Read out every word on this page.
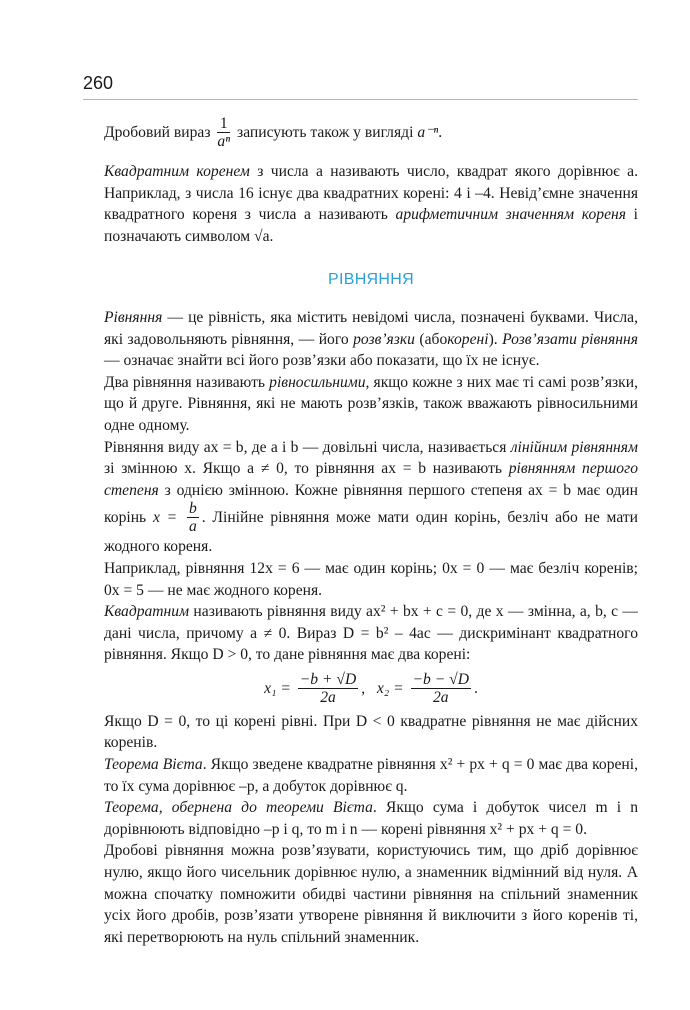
260

Дробовий вираз $\frac{1}{\text{aⁿ}}$ записують також у вигляді a⁻ⁿ.

Квадратним коренем з числа a називають число, квадрат якого дорівнює a. Наприклад, з числа 16 існує два квадратних корені: 4 і –4. Невід’ємне значення квадратного кореня з числа a називають арифметичним значенням кореня і позначають символом √a.

РІВНЯННЯ

Рівняння — це рівність, яка містить невідомі числа, позначені буквами. Числа, які задовольняють рівняння, — його розв’язки (абокорені). Розв’язати рівняння — означає знайти всі його розв’язки або показати, що їх не існує.

Два рівняння називають рівносильними, якщо кожне з них має ті самі розв’язки, що й друге. Рівняння, які не мають розв’язків, також вважають рівносильними одне одному.

Рівняння виду ax = b, де a і b — довільні числа, називається лінійним рівнянням зі змінною x. Якщо a ≠ 0, то рівняння ax = b називають рівнянням першого степеня з однією змінною. Кожне рівняння першого степеня ax = b має один корінь $x = \frac{b}{a}$ . Лінійне рівняння може мати один корінь, безліч або не мати жодного кореня.

Наприклад, рівняння 12x = 6 — має один корінь; 0x = 0 — має безліч коренів; 0x = 5 — не має жодного кореня.

Квадратним називають рівняння виду ax² + bx + c = 0, де x — змінна, a, b, c — дані числа, причому a ≠ 0. Вираз D = b² – 4ac — дискримінант квадратного рівняння. Якщо D > 0, то дане рівняння має два корені:

$x_1 = \frac{-b + √D}{2a}$ , $x_2 = \frac{-b - √D}{2a}$ .

Якщо D = 0, то ці корені рівні. При D < 0 квадратне рівняння не має дійсних коренів.

Теорема Вієта. Якщо зведене квадратне рівняння x² + px + q = 0 має два корені, то їх сума дорівнює –p, а добуток дорівнює q.

Теорема, обернена до теореми Вієта. Якщо сума і добуток чисел m і n дорівнюють відповідно –p і q, то m і n — корені рівняння x² + px + q = 0.

Дробові рівняння можна розв’язувати, користуючись тим, що дріб дорівнює нулю, якщо його чисельник дорівнює нулю, а знаменник відмінний від нуля. А можна спочатку помножити обидві частини рівняння на спільний знаменник усіх його дробів, розв’язати утворене рівняння й виключити з його коренів ті, які перетворюють на нуль спільний знаменник.
